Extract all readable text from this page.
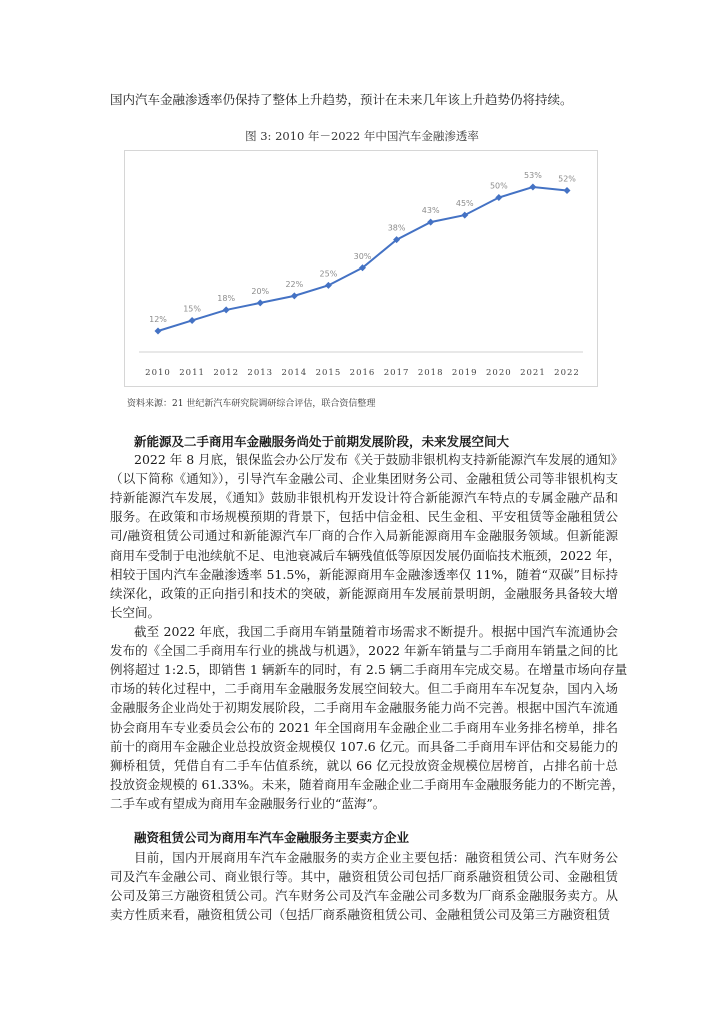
国内汽车金融渗透率仍保持了整体上升趋势，预计在未来几年该上升趋势仍将持续。
图 3: 2010 年－2022 年中国汽车金融渗透率
12%
2010
15%
2011
18%
2012
20%
2013
22%
2014
25%
2015
30%
2016
38%
2017
43%
2018
45%
2019
50%
2020
53%
2021
52%
2022
资料来源：21 世纪新汽车研究院调研综合评估，联合资信整理
新能源及二手商用车金融服务尚处于前期发展阶段，未来发展空间大
2022 年 8 月底，银保监会办公厅发布《关于鼓励非银机构支持新能源汽车发展的通知》
（以下简称《通知》），引导汽车金融公司、企业集团财务公司、金融租赁公司等非银机构支
持新能源汽车发展，《通知》鼓励非银机构开发设计符合新能源汽车特点的专属金融产品和
服务。在政策和市场规模预期的背景下，包括中信金租、民生金租、平安租赁等金融租赁公
司/融资租赁公司通过和新能源汽车厂商的合作入局新能源商用车金融服务领域。但新能源
商用车受制于电池续航不足、电池衰减后车辆残值低等原因发展仍面临技术瓶颈，2022 年，
相较于国内汽车金融渗透率 51.5%，新能源商用车金融渗透率仅 11%，随着“双碳”目标持
续深化，政策的正向指引和技术的突破，新能源商用车发展前景明朗，金融服务具备较大增
长空间。
融资租赁公司为商用车汽车金融服务主要卖方企业
目前，国内开展商用车汽车金融服务的卖方企业主要包括：融资租赁公司、汽车财务公
司及汽车金融公司、商业银行等。其中，融资租赁公司包括厂商系融资租赁公司、金融租赁
公司及第三方融资租赁公司。汽车财务公司及汽车金融公司多数为厂商系金融服务卖方。从
卖方性质来看，融资租赁公司（包括厂商系融资租赁公司、金融租赁公司及第三方融资租赁
截至 2022 年底，我国二手商用车销量随着市场需求不断提升。根据中国汽车流通协会
发布的《全国二手商用车行业的挑战与机遇》，2022 年新车销量与二手商用车销量之间的比
例将超过 1:2.5，即销售 1 辆新车的同时，有 2.5 辆二手商用车完成交易。在增量市场向存量
市场的转化过程中，二手商用车金融服务发展空间较大。但二手商用车车况复杂，国内入场
金融服务企业尚处于初期发展阶段，二手商用车金融服务能力尚不完善。根据中国汽车流通
协会商用车专业委员会公布的 2021 年全国商用车金融企业二手商用车业务排名榜单，排名
前十的商用车金融企业总投放资金规模仅 107.6 亿元。而具备二手商用车评估和交易能力的
狮桥租赁，凭借自有二手车估值系统，就以 66 亿元投放资金规模位居榜首，占排名前十总
投放资金规模的 61.33%。未来，随着商用车金融企业二手商用车金融服务能力的不断完善，
二手车或有望成为商用车金融服务行业的“蓝海”。
